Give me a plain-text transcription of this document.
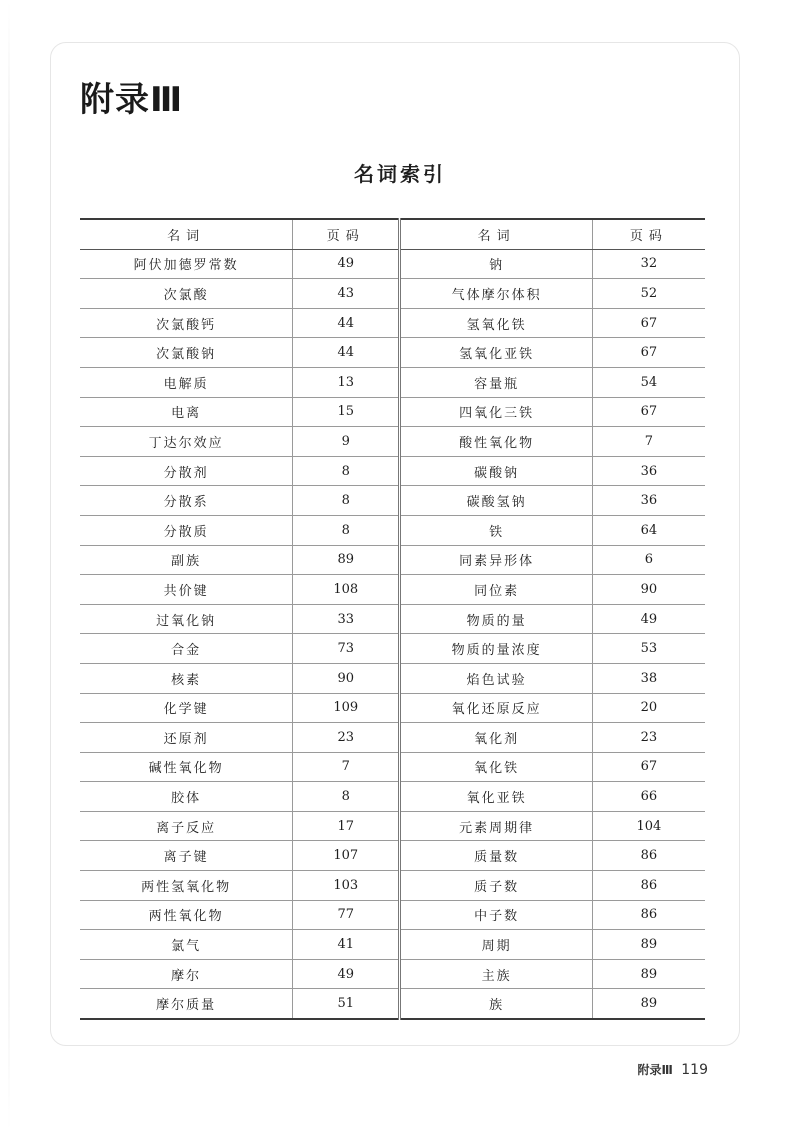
附录Ⅲ
名词索引
名词	页码	名词	页码
阿伏加德罗常数	49	钠	32
次氯酸	43	气体摩尔体积	52
次氯酸钙	44	氢氧化铁	67
次氯酸钠	44	氢氧化亚铁	67
电解质	13	容量瓶	54
电离	15	四氧化三铁	67
丁达尔效应	9	酸性氧化物	7
分散剂	8	碳酸钠	36
分散系	8	碳酸氢钠	36
分散质	8	铁	64
副族	89	同素异形体	6
共价键	108	同位素	90
过氧化钠	33	物质的量	49
合金	73	物质的量浓度	53
核素	90	焰色试验	38
化学键	109	氧化还原反应	20
还原剂	23	氧化剂	23
碱性氧化物	7	氧化铁	67
胶体	8	氧化亚铁	66
离子反应	17	元素周期律	104
离子键	107	质量数	86
两性氢氧化物	103	质子数	86
两性氧化物	77	中子数	86
氯气	41	周期	89
摩尔	49	主族	89
摩尔质量	51	族	89
附录Ⅲ 119
